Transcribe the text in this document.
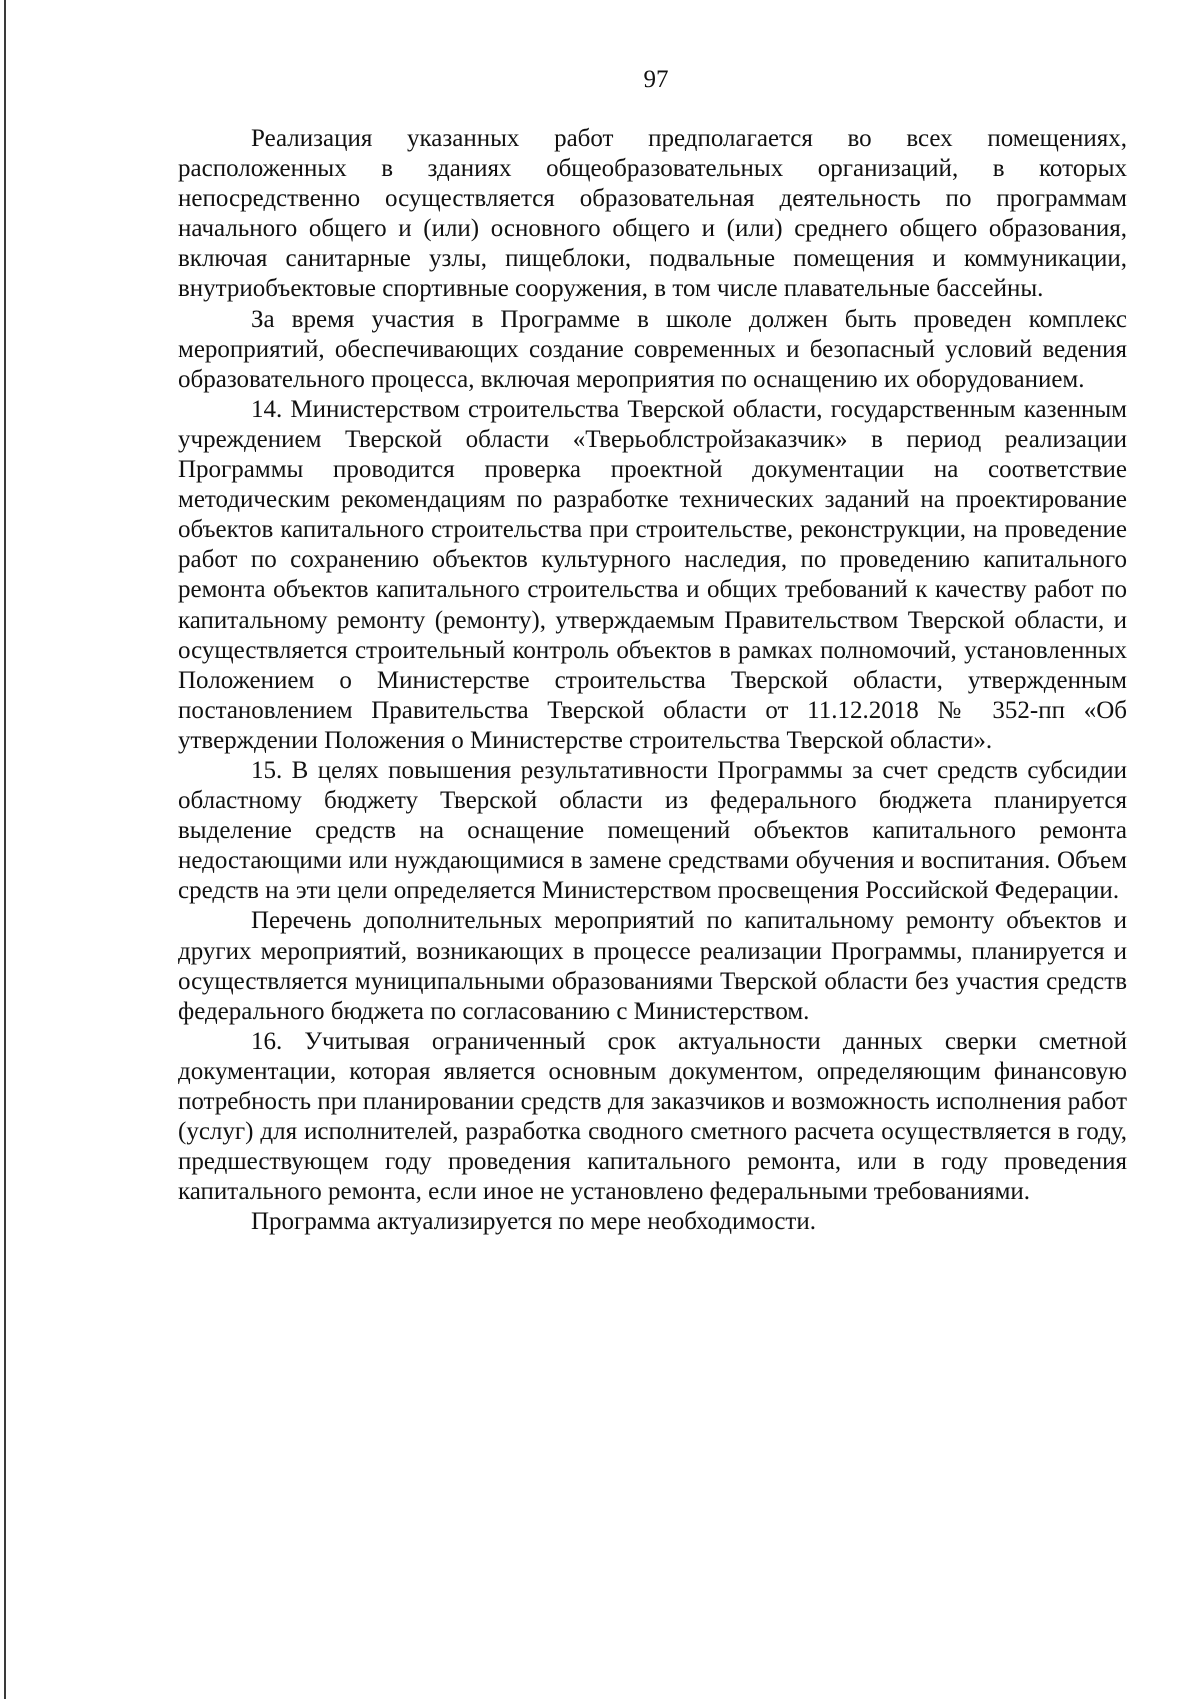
97

Реализация указанных работ предполагается во всех помещениях, расположенных в зданиях общеобразовательных организаций, в которых непосредственно осуществляется образовательная деятельность по программам начального общего и (или) основного общего и (или) среднего общего образования, включая санитарные узлы, пищеблоки, подвальные помещения и коммуникации, внутриобъектовые спортивные сооружения, в том числе плавательные бассейны.

За время участия в Программе в школе должен быть проведен комплекс мероприятий, обеспечивающих создание современных и безопасный условий ведения образовательного процесса, включая мероприятия по оснащению их оборудованием.

14. Министерством строительства Тверской области, государственным казенным учреждением Тверской области «Тверьоблстройзаказчик» в период реализации Программы проводится проверка проектной документации на соответствие методическим рекомендациям по разработке технических заданий на проектирование объектов капитального строительства при строительстве, реконструкции, на проведение работ по сохранению объектов культурного наследия, по проведению капитального ремонта объектов капитального строительства и общих требований к качеству работ по капитальному ремонту (ремонту), утверждаемым Правительством Тверской области, и осуществляется строительный контроль объектов в рамках полномочий, установленных Положением о Министерстве строительства Тверской области, утвержденным постановлением Правительства Тверской области от 11.12.2018 № 352-пп «Об утверждении Положения о Министерстве строительства Тверской области».

15. В целях повышения результативности Программы за счет средств субсидии областному бюджету Тверской области из федерального бюджета планируется выделение средств на оснащение помещений объектов капитального ремонта недостающими или нуждающимися в замене средствами обучения и воспитания. Объем средств на эти цели определяется Министерством просвещения Российской Федерации.

Перечень дополнительных мероприятий по капитальному ремонту объектов и других мероприятий, возникающих в процессе реализации Программы, планируется и осуществляется муниципальными образованиями Тверской области без участия средств федерального бюджета по согласованию с Министерством.

16. Учитывая ограниченный срок актуальности данных сверки сметной документации, которая является основным документом, определяющим финансовую потребность при планировании средств для заказчиков и возможность исполнения работ (услуг) для исполнителей, разработка сводного сметного расчета осуществляется в году, предшествующем году проведения капитального ремонта, или в году проведения капитального ремонта, если иное не установлено федеральными требованиями.

Программа актуализируется по мере необходимости.
